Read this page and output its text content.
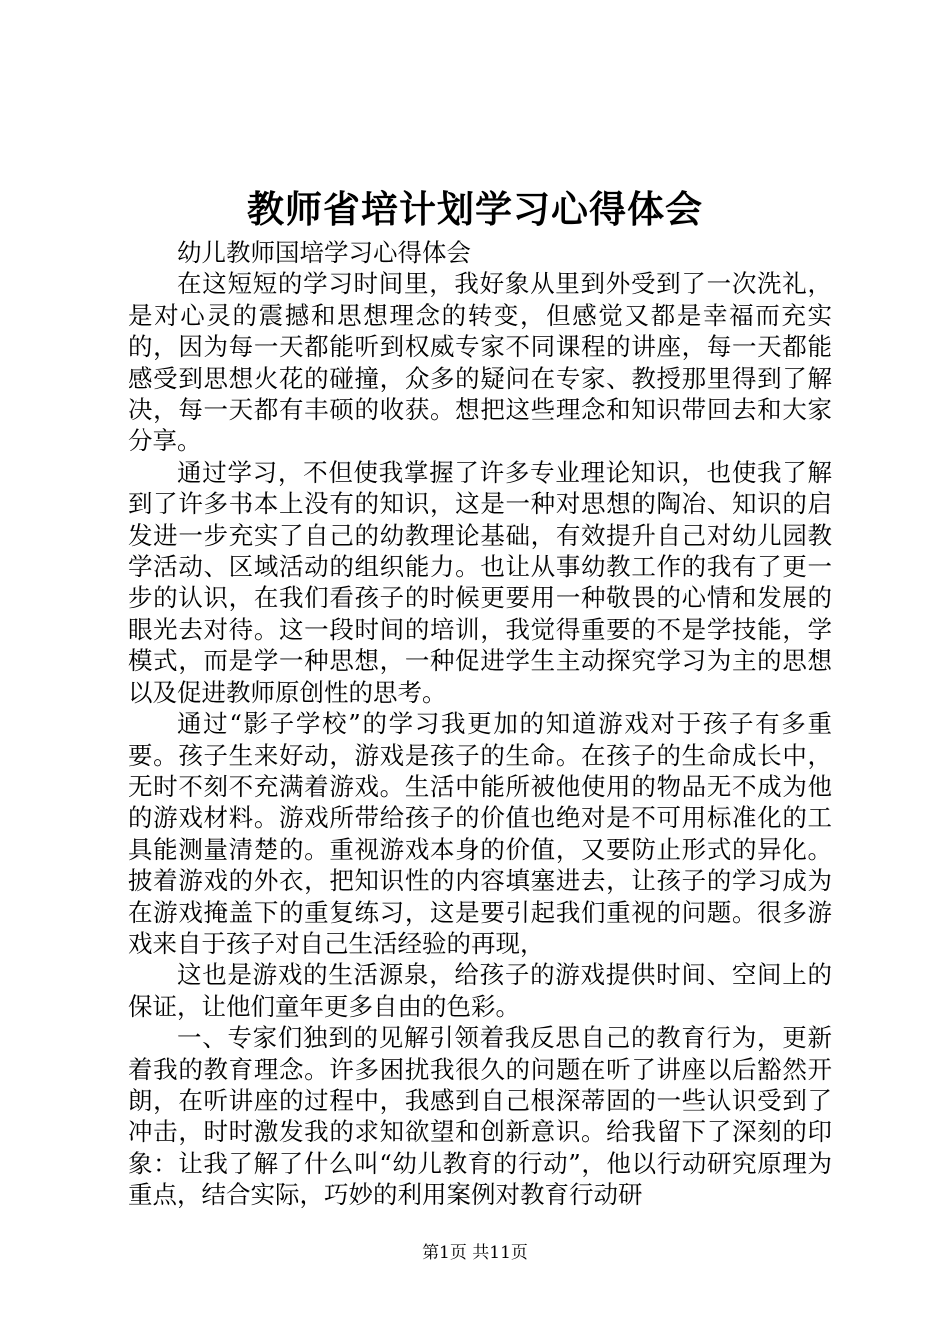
教师省培计划学习心得体会

幼儿教师国培学习心得体会

在这短短的学习时间里，我好象从里到外受到了一次洗礼，是对心灵的震撼和思想理念的转变，但感觉又都是幸福而充实的，因为每一天都能听到权威专家不同课程的讲座，每一天都能感受到思想火花的碰撞，众多的疑问在专家、教授那里得到了解决，每一天都有丰硕的收获。想把这些理念和知识带回去和大家分享。

通过学习，不但使我掌握了许多专业理论知识，也使我了解到了许多书本上没有的知识，这是一种对思想的陶冶、知识的启发进一步充实了自己的幼教理论基础，有效提升自己对幼儿园教学活动、区域活动的组织能力。也让从事幼教工作的我有了更一步的认识，在我们看孩子的时候更要用一种敬畏的心情和发展的眼光去对待。这一段时间的培训，我觉得重要的不是学技能，学模式，而是学一种思想，一种促进学生主动探究学习为主的思想以及促进教师原创性的思考。

通过“影子学校”的学习我更加的知道游戏对于孩子有多重要。孩子生来好动，游戏是孩子的生命。在孩子的生命成长中，无时不刻不充满着游戏。生活中能所被他使用的物品无不成为他的游戏材料。游戏所带给孩子的价值也绝对是不可用标准化的工具能测量清楚的。重视游戏本身的价值，又要防止形式的异化。披着游戏的外衣，把知识性的内容填塞进去，让孩子的学习成为在游戏掩盖下的重复练习，这是要引起我们重视的问题。很多游戏来自于孩子对自己生活经验的再现，

这也是游戏的生活源泉，给孩子的游戏提供时间、空间上的保证，让他们童年更多自由的色彩。

一、专家们独到的见解引领着我反思自己的教育行为，更新着我的教育理念。许多困扰我很久的问题在听了讲座以后豁然开朗，在听讲座的过程中，我感到自己根深蒂固的一些认识受到了冲击，时时激发我的求知欲望和创新意识。给我留下了深刻的印象：让我了解了什么叫“幼儿教育的行动”，他以行动研究原理为重点，结合实际，巧妙的利用案例对教育行动研

第1页 共11页
